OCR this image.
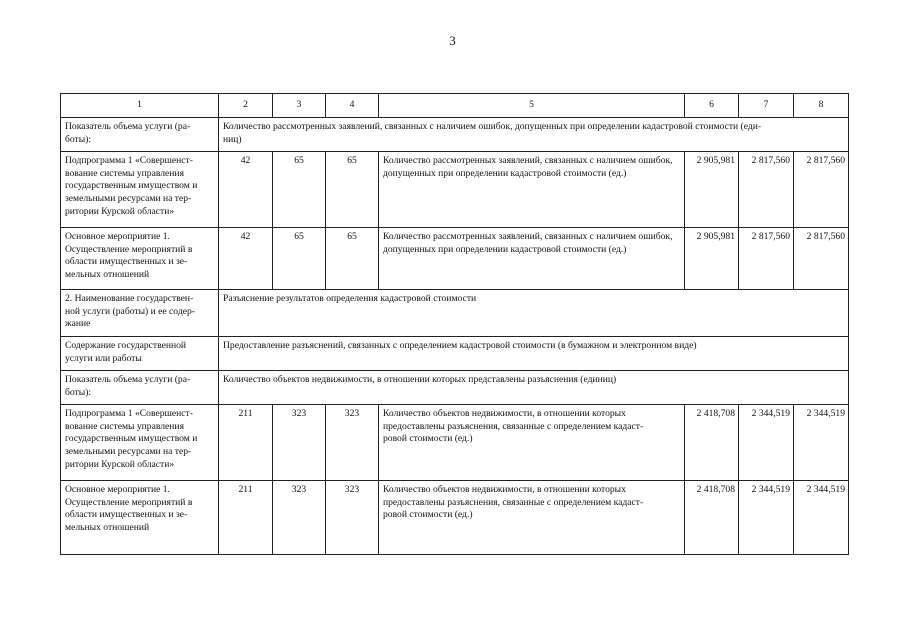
3
1	2	3	4	5	6	7	8
Показатель объема услуги (ра-
боты):	Количество рассмотренных заявлений, связанных с наличием ошибок, допущенных при определении кадастровой стоимости (еди-
ниц)						
Подпрограмма 1 «Совершенст-
вование системы управления
государственным имуществом и
земельными ресурсами на тер-
ритории Курской области»	42	65	65	Количество рассмотренных заявлений, связанных с наличием ошибок, допущенных при определении кадастровой стоимости (ед.)	2 905,981	2 817,560	2 817,560
Основное мероприятие 1.
Осуществление мероприятий в
области имущественных и зе-
мельных отношений	42	65	65	Количество рассмотренных заявлений, связанных с наличием ошибок, допущенных при определении кадастровой стоимости (ед.)	2 905,981	2 817,560	2 817,560
2. Наименование государствен-
ной услуги (работы) и ее содер-
жание	Разъяснение результатов определения кадастровой стоимости						
Содержание государственной
услуги или работы	Предоставление разъяснений, связанных с определением кадастровой стоимости (в бумажном и электронном виде)						
Показатель объема услуги (ра-
боты):	Количество объектов недвижимости, в отношении которых представлены разъяснения (единиц)						
Подпрограмма 1 «Совершенст-
вование системы управления
государственным имуществом и
земельными ресурсами на тер-
ритории Курской области»	211	323	323	Количество объектов недвижимости, в отношении которых предоставлены разъяснения, связанные с определением кадаст-
ровой стоимости (ед.)	2 418,708	2 344,519	2 344,519
Основное мероприятие 1.
Осуществление мероприятий в
области имущественных и зе-
мельных отношений	211	323	323	Количество объектов недвижимости, в отношении которых предоставлены разъяснения, связанные с определением кадаст-
ровой стоимости (ед.)	2 418,708	2 344,519	2 344,519
